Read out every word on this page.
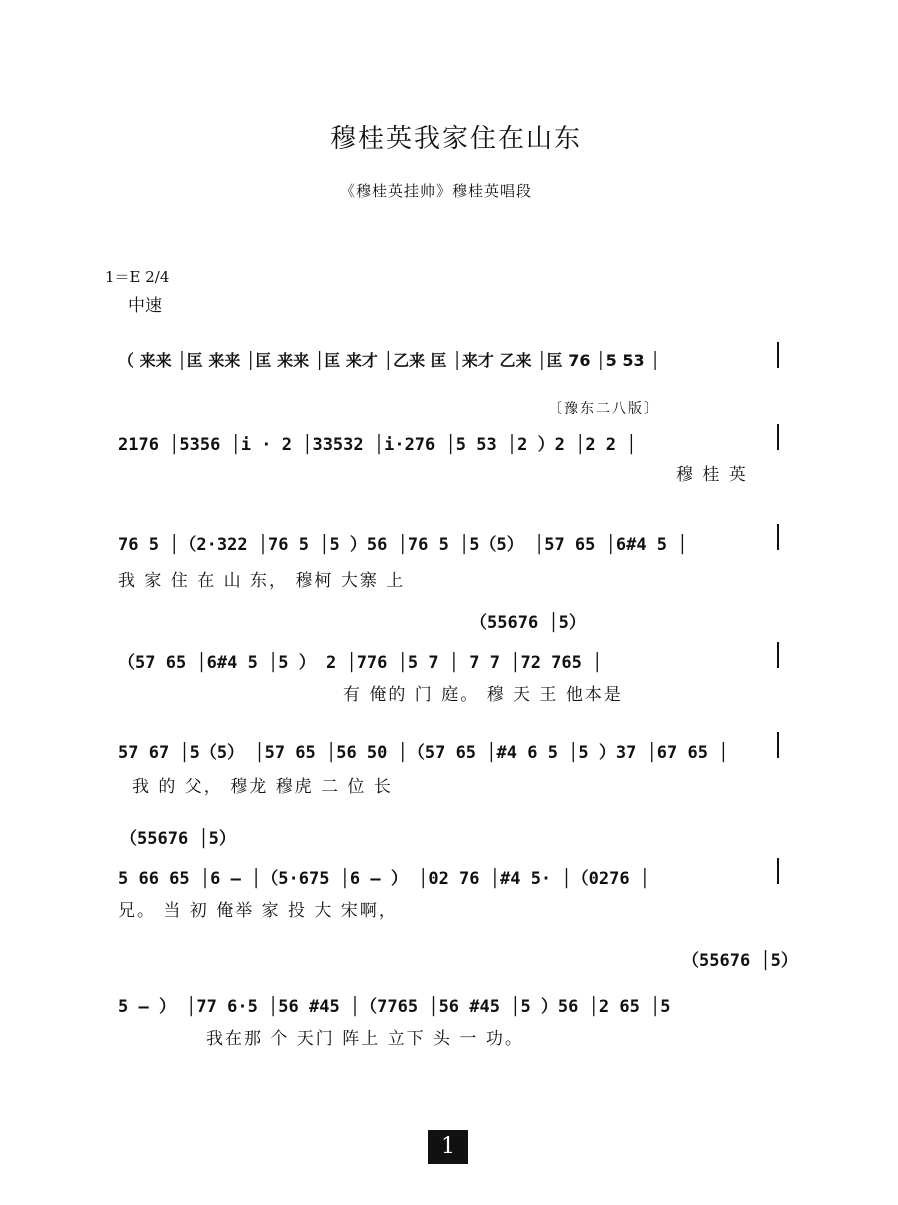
穆桂英我家住在山东
《穆桂英挂帅》穆桂英唱段
1＝E 2/4
中速
（ 来来 │匡 来来 │匡 来来 │匡 来才 │乙来 匡 │来才 乙来 │匡 76 │5 53 │
〔豫东二八版〕
2176 │5356 │i · 2 │33532 │i·276 │5 53 │2 ）2 │2 2 │
穆 桂 英
76 5 │（2·322 │76 5 │5 ）56 │76 5 │5（5） │57 65 │6#4 5 │
我 家 住 在 山 东， 穆柯 大寨 上
（55676 │5）
（57 65 │6#4 5 │5 ） 2 │776 │5 7 │ 7 7 │72 765 │
有 俺的 门 庭。 穆 天 王 他本是
57 67 │5（5） │57 65 │56 50 │（57 65 │#4 6 5 │5 ）37 │67 65 │
我 的 父， 穆龙 穆虎 二 位 长
（55676 │5）
5 66 65 │6 – │（5·675 │6 – ） │02 76 │#4 5· │（0276 │
兄。 当 初 俺举 家 投 大 宋啊，
（55676 │5）
5 – ） │77 6·5 │56 #45 │（7765 │56 #45 │5 ）56 │2 65 │5
我在那 个 天门 阵上 立下 头 一 功。
1
